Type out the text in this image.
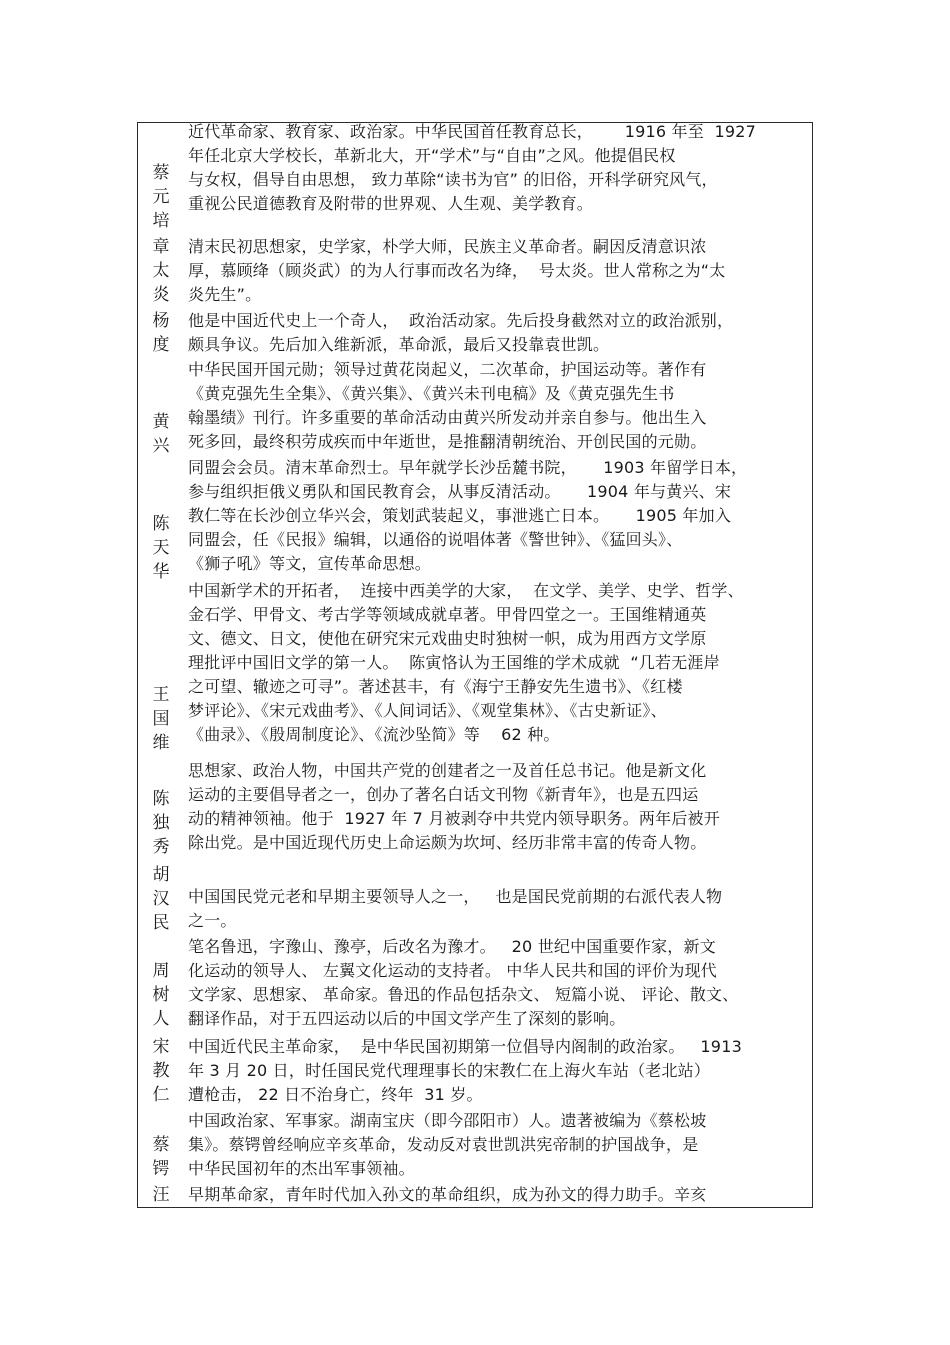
蔡
元
培
近代革命家、教育家、政治家。中华民国首任教育总长，      1916 年至  1927
年任北京大学校长，革新北大，开“学术”与“自由”之风。他提倡民权
与女权，倡导自由思想， 致力革除“读书为官” 的旧俗，开科学研究风气，
重视公民道德教育及附带的世界观、人生观、美学教育。
章
太
炎
清末民初思想家，史学家，朴学大师，民族主义革命者。嗣因反清意识浓
厚，慕顾绛（顾炎武）的为人行事而改名为绛，  号太炎。世人常称之为“太
炎先生”。
杨
度
他是中国近代史上一个奇人，  政治活动家。先后投身截然对立的政治派别，
颇具争议。先后加入维新派，革命派，最后又投靠袁世凯。
黄
兴
中华民国开国元勋；领导过黄花岗起义，二次革命，护国运动等。著作有
《黄克强先生全集》、《黄兴集》、《黄兴未刊电稿》及《黄克强先生书
翰墨绩》刊行。许多重要的革命活动由黄兴所发动并亲自参与。他出生入
死多回，最终积劳成疾而中年逝世，是推翻清朝统治、开创民国的元勋。
陈
天
华
同盟会会员。清末革命烈士。早年就学长沙岳麓书院，     1903 年留学日本，
参与组织拒俄义勇队和国民教育会，从事反清活动。     1904 年与黄兴、宋
教仁等在长沙创立华兴会，策划武装起义，事泄逃亡日本。     1905 年加入
同盟会，任《民报》编辑，以通俗的说唱体著《警世钟》、《猛回头》、
《狮子吼》等文，宣传革命思想。
王
国
维
中国新学术的开拓者，  连接中西美学的大家，  在文学、美学、史学、哲学、
金石学、甲骨文、考古学等领域成就卓著。甲骨四堂之一。王国维精通英
文、德文、日文，使他在研究宋元戏曲史时独树一帜，成为用西方文学原
理批评中国旧文学的第一人。  陈寅恪认为王国维的学术成就  “几若无涯岸
之可望、辙迹之可寻”。著述甚丰，有《海宁王静安先生遗书》、《红楼
梦评论》、《宋元戏曲考》、《人间词话》、《观堂集林》、《古史新证》、
《曲录》、《殷周制度论》、《流沙坠简》等    62 种。
陈
独
秀
思想家、政治人物，中国共产党的创建者之一及首任总书记。他是新文化
运动的主要倡导者之一，创办了著名白话文刊物《新青年》，也是五四运
动的精神领袖。他于  1927 年 7 月被剥夺中共党内领导职务。两年后被开
除出党。是中国近现代历史上命运颇为坎坷、经历非常丰富的传奇人物。
胡
汉
民
中国国民党元老和早期主要领导人之一，   也是国民党前期的右派代表人物
之一。
周
树
人
笔名鲁迅，字豫山、豫亭，后改名为豫才。   20 世纪中国重要作家，新文
化运动的领导人、 左翼文化运动的支持者。 中华人民共和国的评价为现代
文学家、思想家、 革命家。鲁迅的作品包括杂文、 短篇小说、 评论、散文、
翻译作品，对于五四运动以后的中国文学产生了深刻的影响。
宋
教
仁
中国近代民主革命家，  是中华民国初期第一位倡导内阁制的政治家。   1913
年 3 月 20 日，时任国民党代理理事长的宋教仁在上海火车站（老北站）
遭枪击， 22 日不治身亡，终年  31 岁。
蔡
锷
中国政治家、军事家。湖南宝庆（即今邵阳市）人。遗著被编为《蔡松坡
集》。蔡锷曾经响应辛亥革命，发动反对袁世凯洪宪帝制的护国战争，是
中华民国初年的杰出军事领袖。
汪 早期革命家，青年时代加入孙文的革命组织，成为孙文的得力助手。辛亥
